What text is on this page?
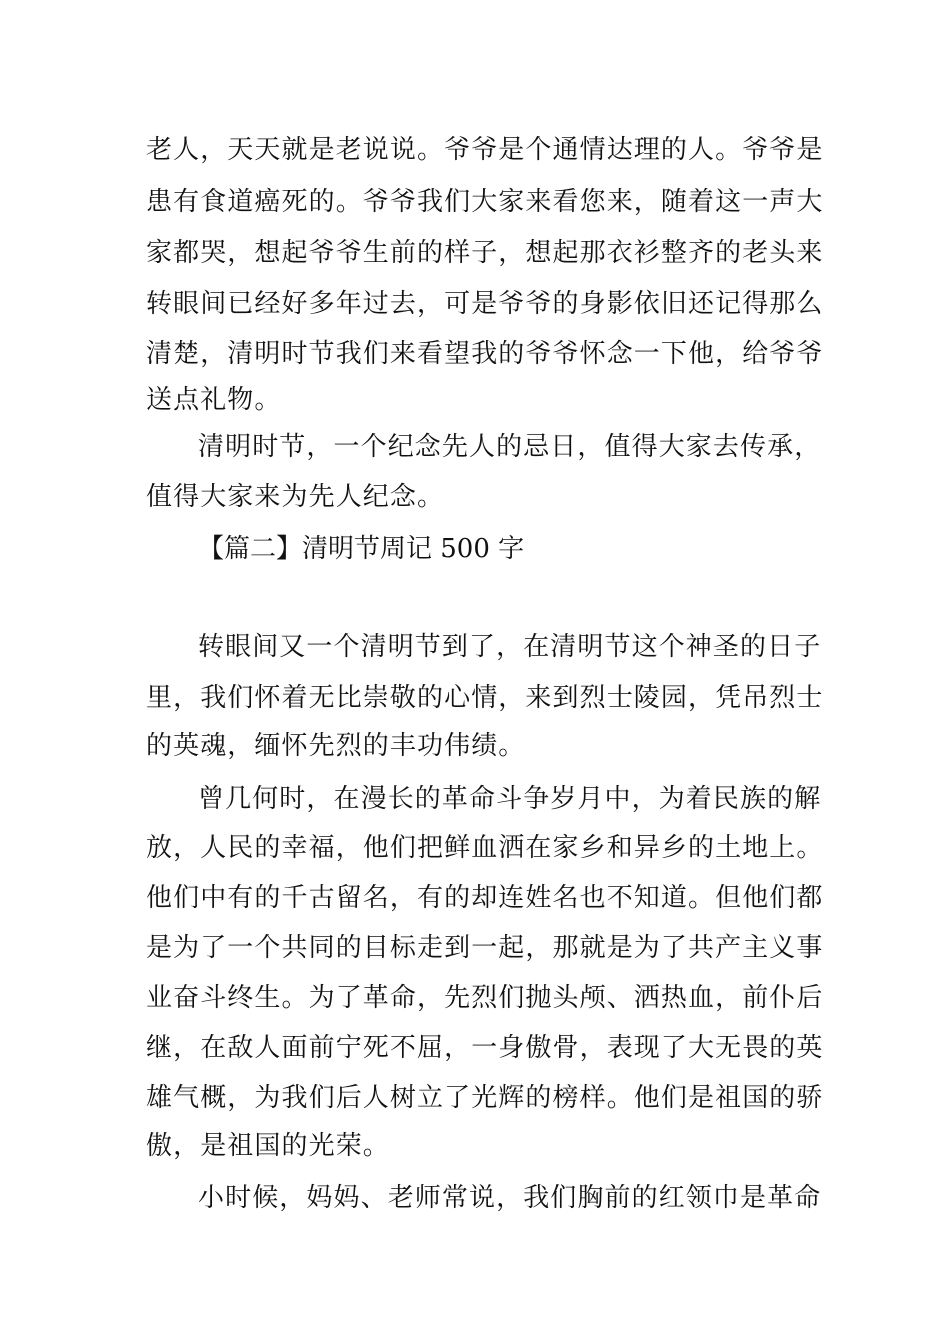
老人，天天就是老说说。爷爷是个通情达理的人。爷爷是
患有食道癌死的。爷爷我们大家来看您来，随着这一声大
家都哭，想起爷爷生前的样子，想起那衣衫整齐的老头来
转眼间已经好多年过去，可是爷爷的身影依旧还记得那么
清楚，清明时节我们来看望我的爷爷怀念一下他，给爷爷
送点礼物。
清明时节，一个纪念先人的忌日，值得大家去传承，
值得大家来为先人纪念。
【篇二】清明节周记 500 字
转眼间又一个清明节到了，在清明节这个神圣的日子
里，我们怀着无比崇敬的心情，来到烈士陵园，凭吊烈士
的英魂，缅怀先烈的丰功伟绩。
曾几何时，在漫长的革命斗争岁月中，为着民族的解
放，人民的幸福，他们把鲜血洒在家乡和异乡的土地上。
他们中有的千古留名，有的却连姓名也不知道。但他们都
是为了一个共同的目标走到一起，那就是为了共产主义事
业奋斗终生。为了革命，先烈们抛头颅、洒热血，前仆后
继，在敌人面前宁死不屈，一身傲骨，表现了大无畏的英
雄气概，为我们后人树立了光辉的榜样。他们是祖国的骄
傲，是祖国的光荣。
小时候，妈妈、老师常说，我们胸前的红领巾是革命
